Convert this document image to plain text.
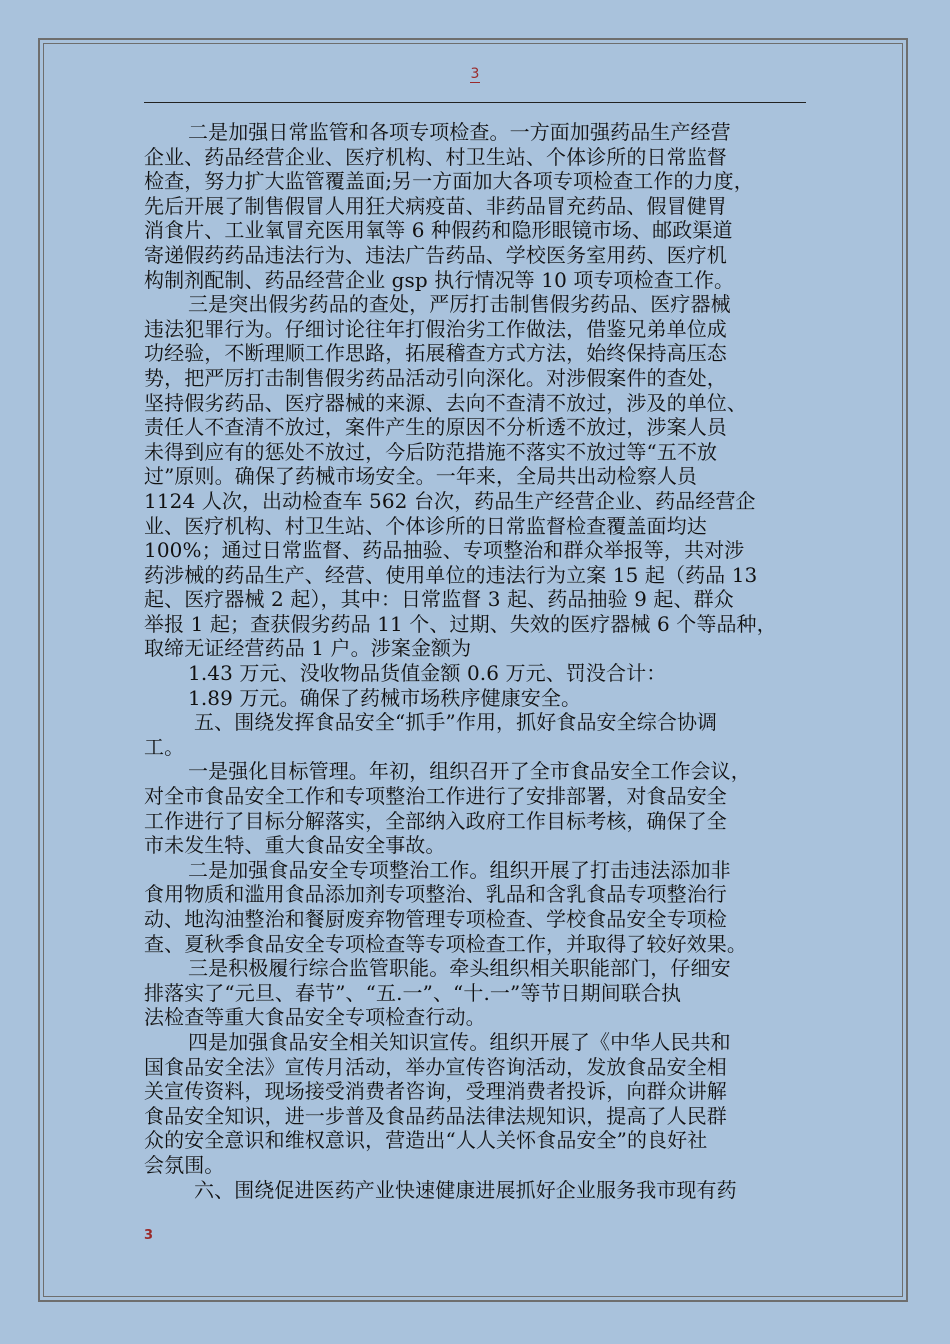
3

二是加强日常监管和各项专项检查。一方面加强药品生产经营

企业、药品经营企业、医疗机构、村卫生站、个体诊所的日常监督

检查，努力扩大监管覆盖面;另一方面加大各项专项检查工作的力度，

先后开展了制售假冒人用狂犬病疫苗、非药品冒充药品、假冒健胃

消食片、工业氧冒充医用氧等 6 种假药和隐形眼镜市场、邮政渠道

寄递假药药品违法行为、违法广告药品、学校医务室用药、医疗机

构制剂配制、药品经营企业 gsp 执行情况等 10 项专项检查工作。

三是突出假劣药品的查处，严厉打击制售假劣药品、医疗器械

违法犯罪行为。仔细讨论往年打假治劣工作做法，借鉴兄弟单位成

功经验，不断理顺工作思路，拓展稽查方式方法，始终保持高压态

势，把严厉打击制售假劣药品活动引向深化。对涉假案件的查处，

坚持假劣药品、医疗器械的来源、去向不查清不放过，涉及的单位、

责任人不查清不放过，案件产生的原因不分析透不放过，涉案人员

未得到应有的惩处不放过，今后防范措施不落实不放过等“五不放

过”原则。确保了药械市场安全。一年来，全局共出动检察人员

1124 人次，出动检查车 562 台次，药品生产经营企业、药品经营企

业、医疗机构、村卫生站、个体诊所的日常监督检查覆盖面均达

100%；通过日常监督、药品抽验、专项整治和群众举报等，共对涉

药涉械的药品生产、经营、使用单位的违法行为立案 15 起（药品 13

起、医疗器械 2 起），其中：日常监督 3 起、药品抽验 9 起、群众

举报 1 起；查获假劣药品 11 个、过期、失效的医疗器械 6 个等品种，

取缔无证经营药品 1 户。涉案金额为

1.43 万元、没收物品货值金额 0.6 万元、罚没合计：

1.89 万元。确保了药械市场秩序健康安全。

五、围绕发挥食品安全“抓手”作用，抓好食品安全综合协调

工。

一是强化目标管理。年初，组织召开了全市食品安全工作会议，

对全市食品安全工作和专项整治工作进行了安排部署，对食品安全

工作进行了目标分解落实，全部纳入政府工作目标考核，确保了全

市未发生特、重大食品安全事故。

二是加强食品安全专项整治工作。组织开展了打击违法添加非

食用物质和滥用食品添加剂专项整治、乳品和含乳食品专项整治行

动、地沟油整治和餐厨废弃物管理专项检查、学校食品安全专项检

查、夏秋季食品安全专项检查等专项检查工作，并取得了较好效果。

三是积极履行综合监管职能。牵头组织相关职能部门，仔细安

排落实了“元旦、春节”、“五.一”、“十.一”等节日期间联合执

法检查等重大食品安全专项检查行动。

四是加强食品安全相关知识宣传。组织开展了《中华人民共和

国食品安全法》宣传月活动，举办宣传咨询活动，发放食品安全相

关宣传资料，现场接受消费者咨询，受理消费者投诉，向群众讲解

食品安全知识，进一步普及食品药品法律法规知识，提高了人民群

众的安全意识和维权意识，营造出“人人关怀食品安全”的良好社

会氛围。

六、围绕促进医药产业快速健康进展抓好企业服务我市现有药

3
